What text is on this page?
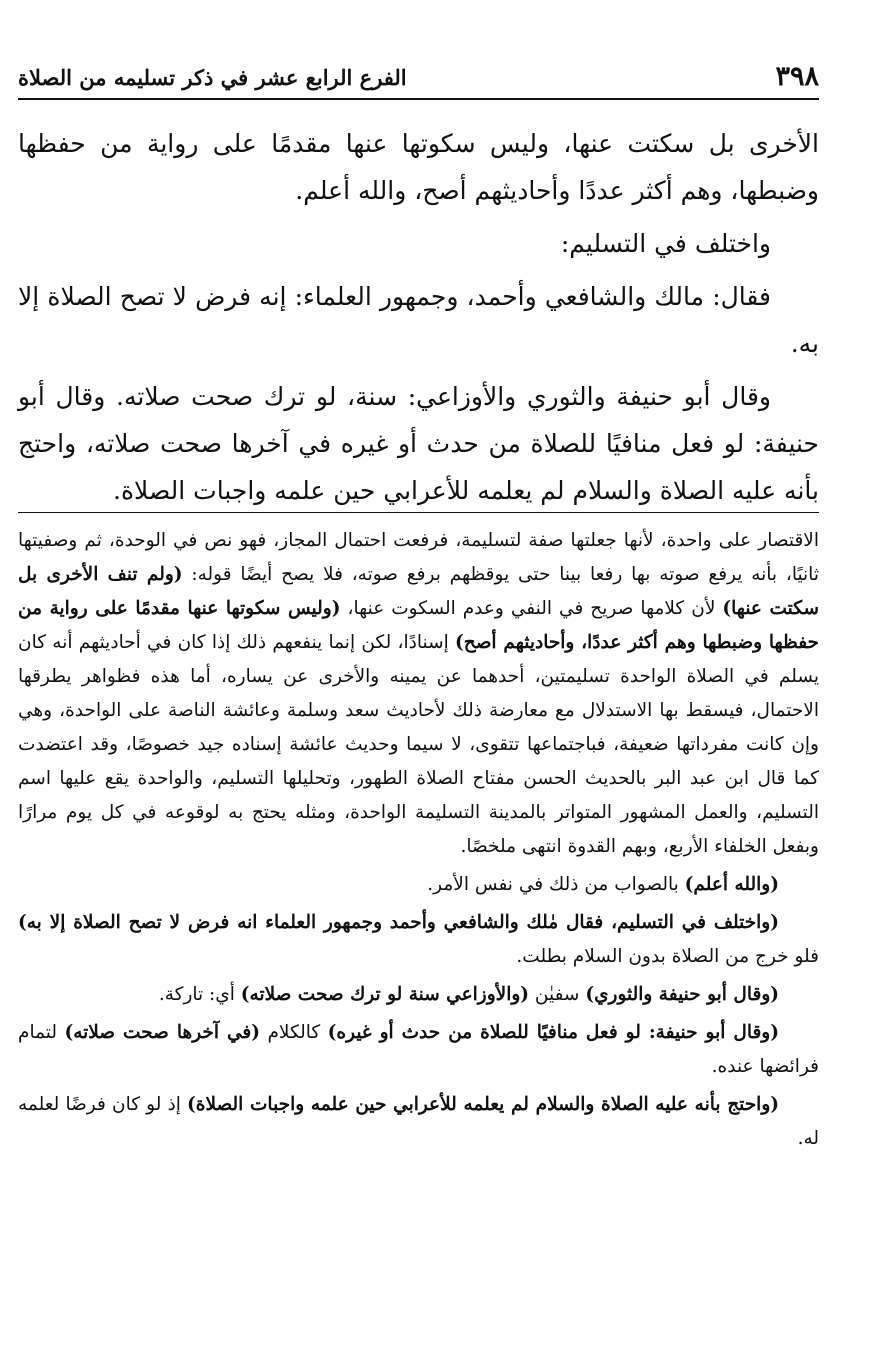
٣٩٨
الفرع الرابع عشر في ذكر تسليمه من الصلاة

الأخرى بل سكتت عنها، وليس سكوتها عنها مقدمًا على رواية من حفظها وضبطها، وهم أكثر عددًا وأحاديثهم أصح، والله أعلم.

واختلف في التسليم:

فقال: مالك والشافعي وأحمد، وجمهور العلماء: إنه فرض لا تصح الصلاة إلا به.

وقال أبو حنيفة والثوري والأوزاعي: سنة، لو ترك صحت صلاته. وقال أبو حنيفة: لو فعل منافيًا للصلاة من حدث أو غيره في آخرها صحت صلاته، واحتج بأنه عليه الصلاة والسلام لم يعلمه للأعرابي حين علمه واجبات الصلاة.

الاقتصار على واحدة، لأنها جعلتها صفة لتسليمة، فرفعت احتمال المجاز، فهو نص في الوحدة، ثم وصفيتها ثانيًا، بأنه يرفع صوته بها رفعا بينا حتى يوقظهم برفع صوته، فلا يصح أيضًا قوله: (ولم تنف الأخرى بل سكتت عنها) لأن كلامها صريح في النفي وعدم السكوت عنها، (وليس سكوتها عنها مقدمًا على رواية من حفظها وضبطها وهم أكثر عددًا، وأحاديثهم أصح) إسنادًا، لكن إنما ينفعهم ذلك إذا كان في أحاديثهم أنه كان يسلم في الصلاة الواحدة تسليمتين، أحدهما عن يمينه والأخرى عن يساره، أما هذه فظواهر يطرقها الاحتمال، فيسقط بها الاستدلال مع معارضة ذلك لأحاديث سعد وسلمة وعائشة الناصة على الواحدة، وهي وإن كانت مفرداتها ضعيفة، فباجتماعها تتقوى، لا سيما وحديث عائشة إسناده جيد خصوصًا، وقد اعتضدت كما قال ابن عبد البر بالحديث الحسن مفتاح الصلاة الطهور، وتحليلها التسليم، والواحدة يقع عليها اسم التسليم، والعمل المشهور المتواتر بالمدينة التسليمة الواحدة، ومثله يحتج به لوقوعه في كل يوم مرارًا وبفعل الخلفاء الأربع، وبهم القدوة انتهى ملخصًا.

(والله أعلم) بالصواب من ذلك في نفس الأمر.

(واختلف في التسليم، فقال مٰلك والشافعي وأحمد وجمهور العلماء انه فرض لا تصح الصلاة إلا به) فلو خرج من الصلاة بدون السلام بطلت.

(وقال أبو حنيفة والثوري) سفيٰن (والأوزاعي سنة لو ترك صحت صلاته) أي: تاركة.

(وقال أبو حنيفة: لو فعل منافيًا للصلاة من حدث أو غيره) كالكلام (في آخرها صحت صلاته) لتمام فرائضها عنده.

(واحتج بأنه عليه الصلاة والسلام لم يعلمه للأعرابي حين علمه واجبات الصلاة) إذ لو كان فرضًا لعلمه له.
